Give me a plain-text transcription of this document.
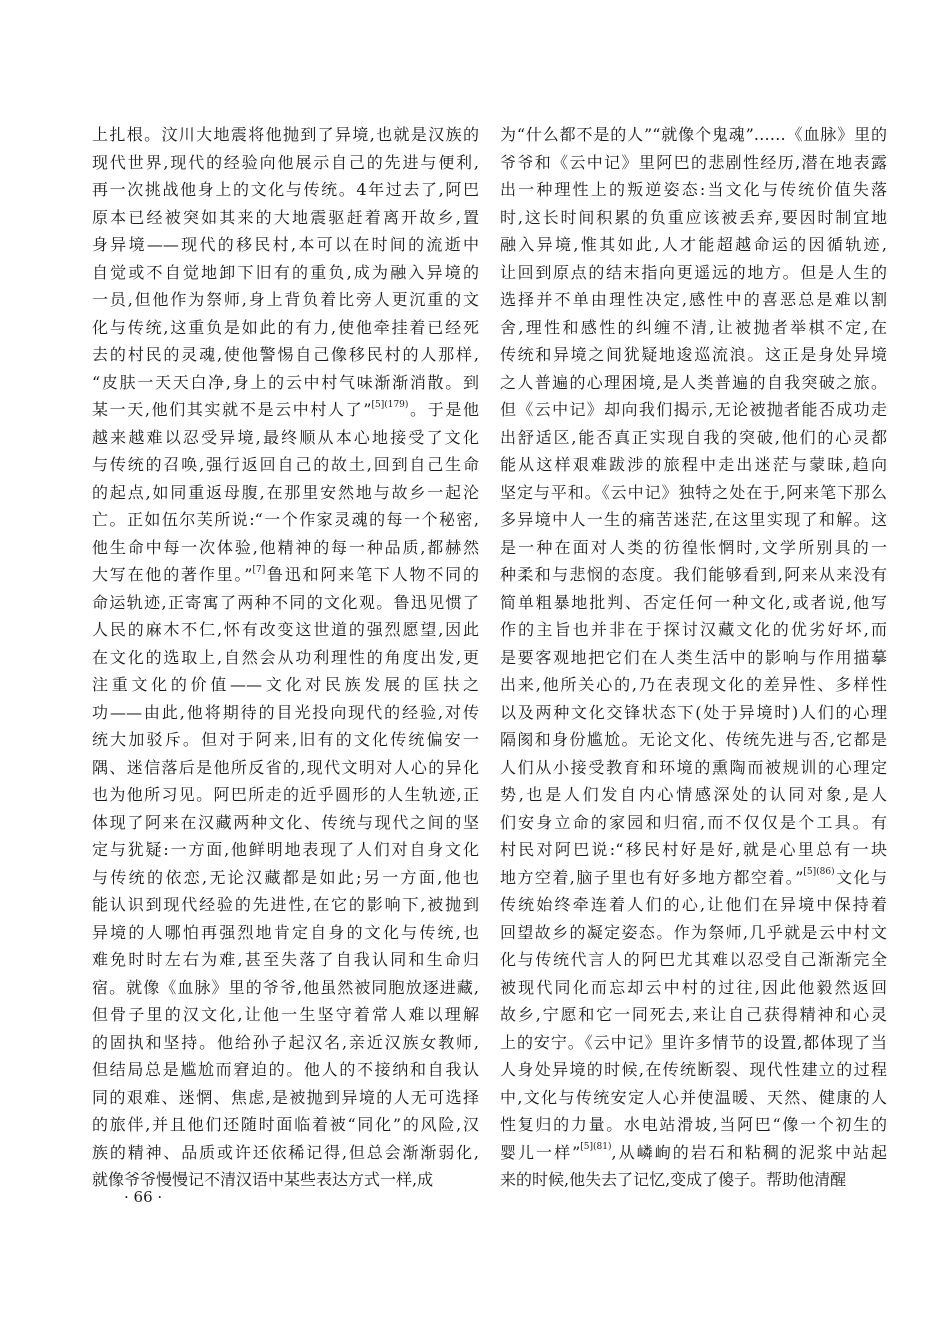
上扎根。汶川大地震将他抛到了异境,也就是汉族的
现代世界,现代的经验向他展示自己的先进与便利,
再一次挑战他身上的文化与传统。4年过去了,阿巴
原本已经被突如其来的大地震驱赶着离开故乡,置
身异境——现代的移民村,本可以在时间的流逝中
自觉或不自觉地卸下旧有的重负,成为融入异境的
一员,但他作为祭师,身上背负着比旁人更沉重的文
化与传统,这重负是如此的有力,使他牵挂着已经死
去的村民的灵魂,使他警惕自己像移民村的人那样,
“皮肤一天天白净,身上的云中村气味渐渐消散。到
某一天,他们其实就不是云中村人了”$^{[5](179)}$。于是他
越来越难以忍受异境,最终顺从本心地接受了文化
与传统的召唤,强行返回自己的故土,回到自己生命
的起点,如同重返母腹,在那里安然地与故乡一起沦
亡。正如伍尔芙所说:“一个作家灵魂的每一个秘密,
他生命中每一次体验,他精神的每一种品质,都赫然
大写在他的著作里。”[7]鲁迅和阿来笔下人物不同的
命运轨迹,正寄寓了两种不同的文化观。鲁迅见惯了
人民的麻木不仁,怀有改变这世道的强烈愿望,因此
在文化的选取上,自然会从功利理性的角度出发,更
注重文化的价值——文化对民族发展的匡扶之
功——由此,他将期待的目光投向现代的经验,对传
统大加驳斥。但对于阿来,旧有的文化传统偏安一
隅、迷信落后是他所反省的,现代文明对人心的异化
也为他所习见。阿巴所走的近乎圆形的人生轨迹,正
体现了阿来在汉藏两种文化、传统与现代之间的坚
定与犹疑:一方面,他鲜明地表现了人们对自身文化
与传统的依恋,无论汉藏都是如此;另一方面,他也
能认识到现代经验的先进性,在它的影响下,被抛到
异境的人哪怕再强烈地肯定自身的文化与传统,也
难免时时左右为难,甚至失落了自我认同和生命归
宿。就像《血脉》里的爷爷,他虽然被同胞放逐进藏,
但骨子里的汉文化,让他一生坚守着常人难以理解
的固执和坚持。他给孙子起汉名,亲近汉族女教师,
但结局总是尴尬而窘迫的。他人的不接纳和自我认
同的艰难、迷惘、焦虑,是被抛到异境的人无可选择
的旅伴,并且他们还随时面临着被“同化”的风险,汉
族的精神、品质或许还依稀记得,但总会渐渐弱化,
就像爷爷慢慢记不清汉语中某些表达方式一样,成
为“什么都不是的人”“就像个鬼魂”……《血脉》里的
爷爷和《云中记》里阿巴的悲剧性经历,潜在地表露
出一种理性上的叛逆姿态:当文化与传统价值失落
时,这长时间积累的负重应该被丢弃,要因时制宜地
融入异境,惟其如此,人才能超越命运的因循轨迹,
让回到原点的结末指向更遥远的地方。但是人生的
选择并不单由理性决定,感性中的喜恶总是难以割
舍,理性和感性的纠缠不清,让被抛者举棋不定,在
传统和异境之间犹疑地逡巡流浪。这正是身处异境
之人普遍的心理困境,是人类普遍的自我突破之旅。
但《云中记》却向我们揭示,无论被抛者能否成功走
出舒适区,能否真正实现自我的突破,他们的心灵都
能从这样艰难跋涉的旅程中走出迷茫与蒙昧,趋向
坚定与平和。《云中记》独特之处在于,阿来笔下那么
多异境中人一生的痛苦迷茫,在这里实现了和解。这
是一种在面对人类的彷徨怅惘时,文学所别具的一
种柔和与悲悯的态度。我们能够看到,阿来从来没有
简单粗暴地批判、否定任何一种文化,或者说,他写
作的主旨也并非在于探讨汉藏文化的优劣好坏,而
是要客观地把它们在人类生活中的影响与作用描摹
出来,他所关心的,乃在表现文化的差异性、多样性
以及两种文化交锋状态下(处于异境时)人们的心理
隔阂和身份尴尬。无论文化、传统先进与否,它都是
人们从小接受教育和环境的熏陶而被规训的心理定
势,也是人们发自内心情感深处的认同对象,是人
们安身立命的家园和归宿,而不仅仅是个工具。有
村民对阿巴说:“移民村好是好,就是心里总有一块
地方空着,脑子里也有好多地方都空着。”$^{[5](86)}$文化与
传统始终牵连着人们的心,让他们在异境中保持着
回望故乡的凝定姿态。作为祭师,几乎就是云中村文
化与传统代言人的阿巴尤其难以忍受自己渐渐完全
被现代同化而忘却云中村的过往,因此他毅然返回
故乡,宁愿和它一同死去,来让自己获得精神和心灵
上的安宁。《云中记》里许多情节的设置,都体现了当
人身处异境的时候,在传统断裂、现代性建立的过程
中,文化与传统安定人心并使温暖、天然、健康的人
性复归的力量。水电站滑坡,当阿巴“像一个初生的
婴儿一样”$^{[5](81)}$,从嶙峋的岩石和粘稠的泥浆中站起
来的时候,他失去了记忆,变成了傻子。帮助他清醒
· 66 ·
